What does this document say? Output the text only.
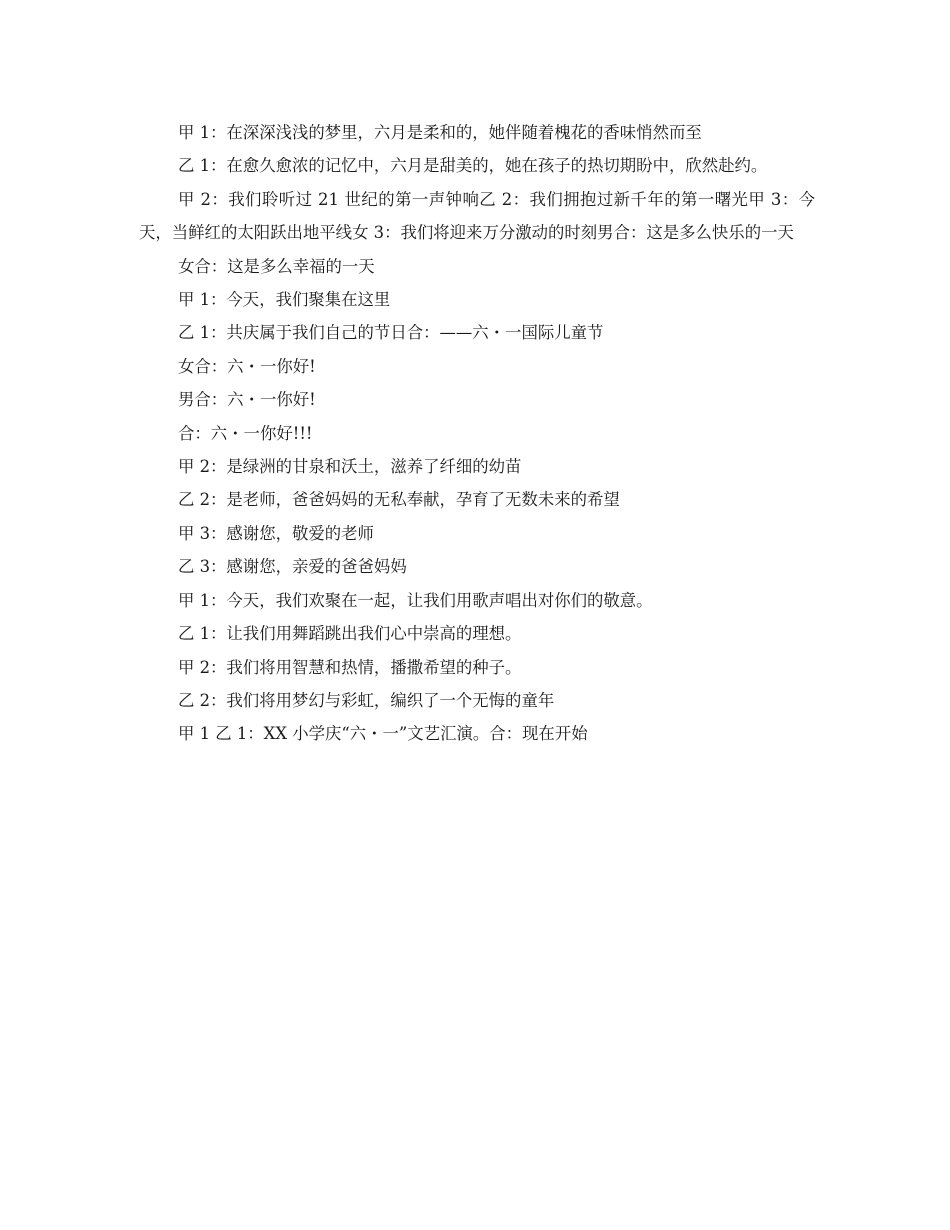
甲 1：在深深浅浅的梦里，六月是柔和的，她伴随着槐花的香味悄然而至

乙 1：在愈久愈浓的记忆中，六月是甜美的，她在孩子的热切期盼中，欣然赴约。

甲 2：我们聆听过 21 世纪的第一声钟响乙 2：我们拥抱过新千年的第一曙光甲 3：今天，当鲜红的太阳跃出地平线女 3：我们将迎来万分激动的时刻男合：这是多么快乐的一天

女合：这是多么幸福的一天

甲 1：今天，我们聚集在这里

乙 1：共庆属于我们自己的节日合：——六・一国际儿童节

女合：六・一你好!

男合：六・一你好!

合：六・一你好!!!

甲 2：是绿洲的甘泉和沃土，滋养了纤细的幼苗

乙 2：是老师，爸爸妈妈的无私奉献，孕育了无数未来的希望

甲 3：感谢您，敬爱的老师

乙 3：感谢您，亲爱的爸爸妈妈

甲 1：今天，我们欢聚在一起，让我们用歌声唱出对你们的敬意。

乙 1：让我们用舞蹈跳出我们心中崇高的理想。

甲 2：我们将用智慧和热情，播撒希望的种子。

乙 2：我们将用梦幻与彩虹，编织了一个无悔的童年

甲 1 乙 1：XX 小学庆“六・一”文艺汇演。合：现在开始
